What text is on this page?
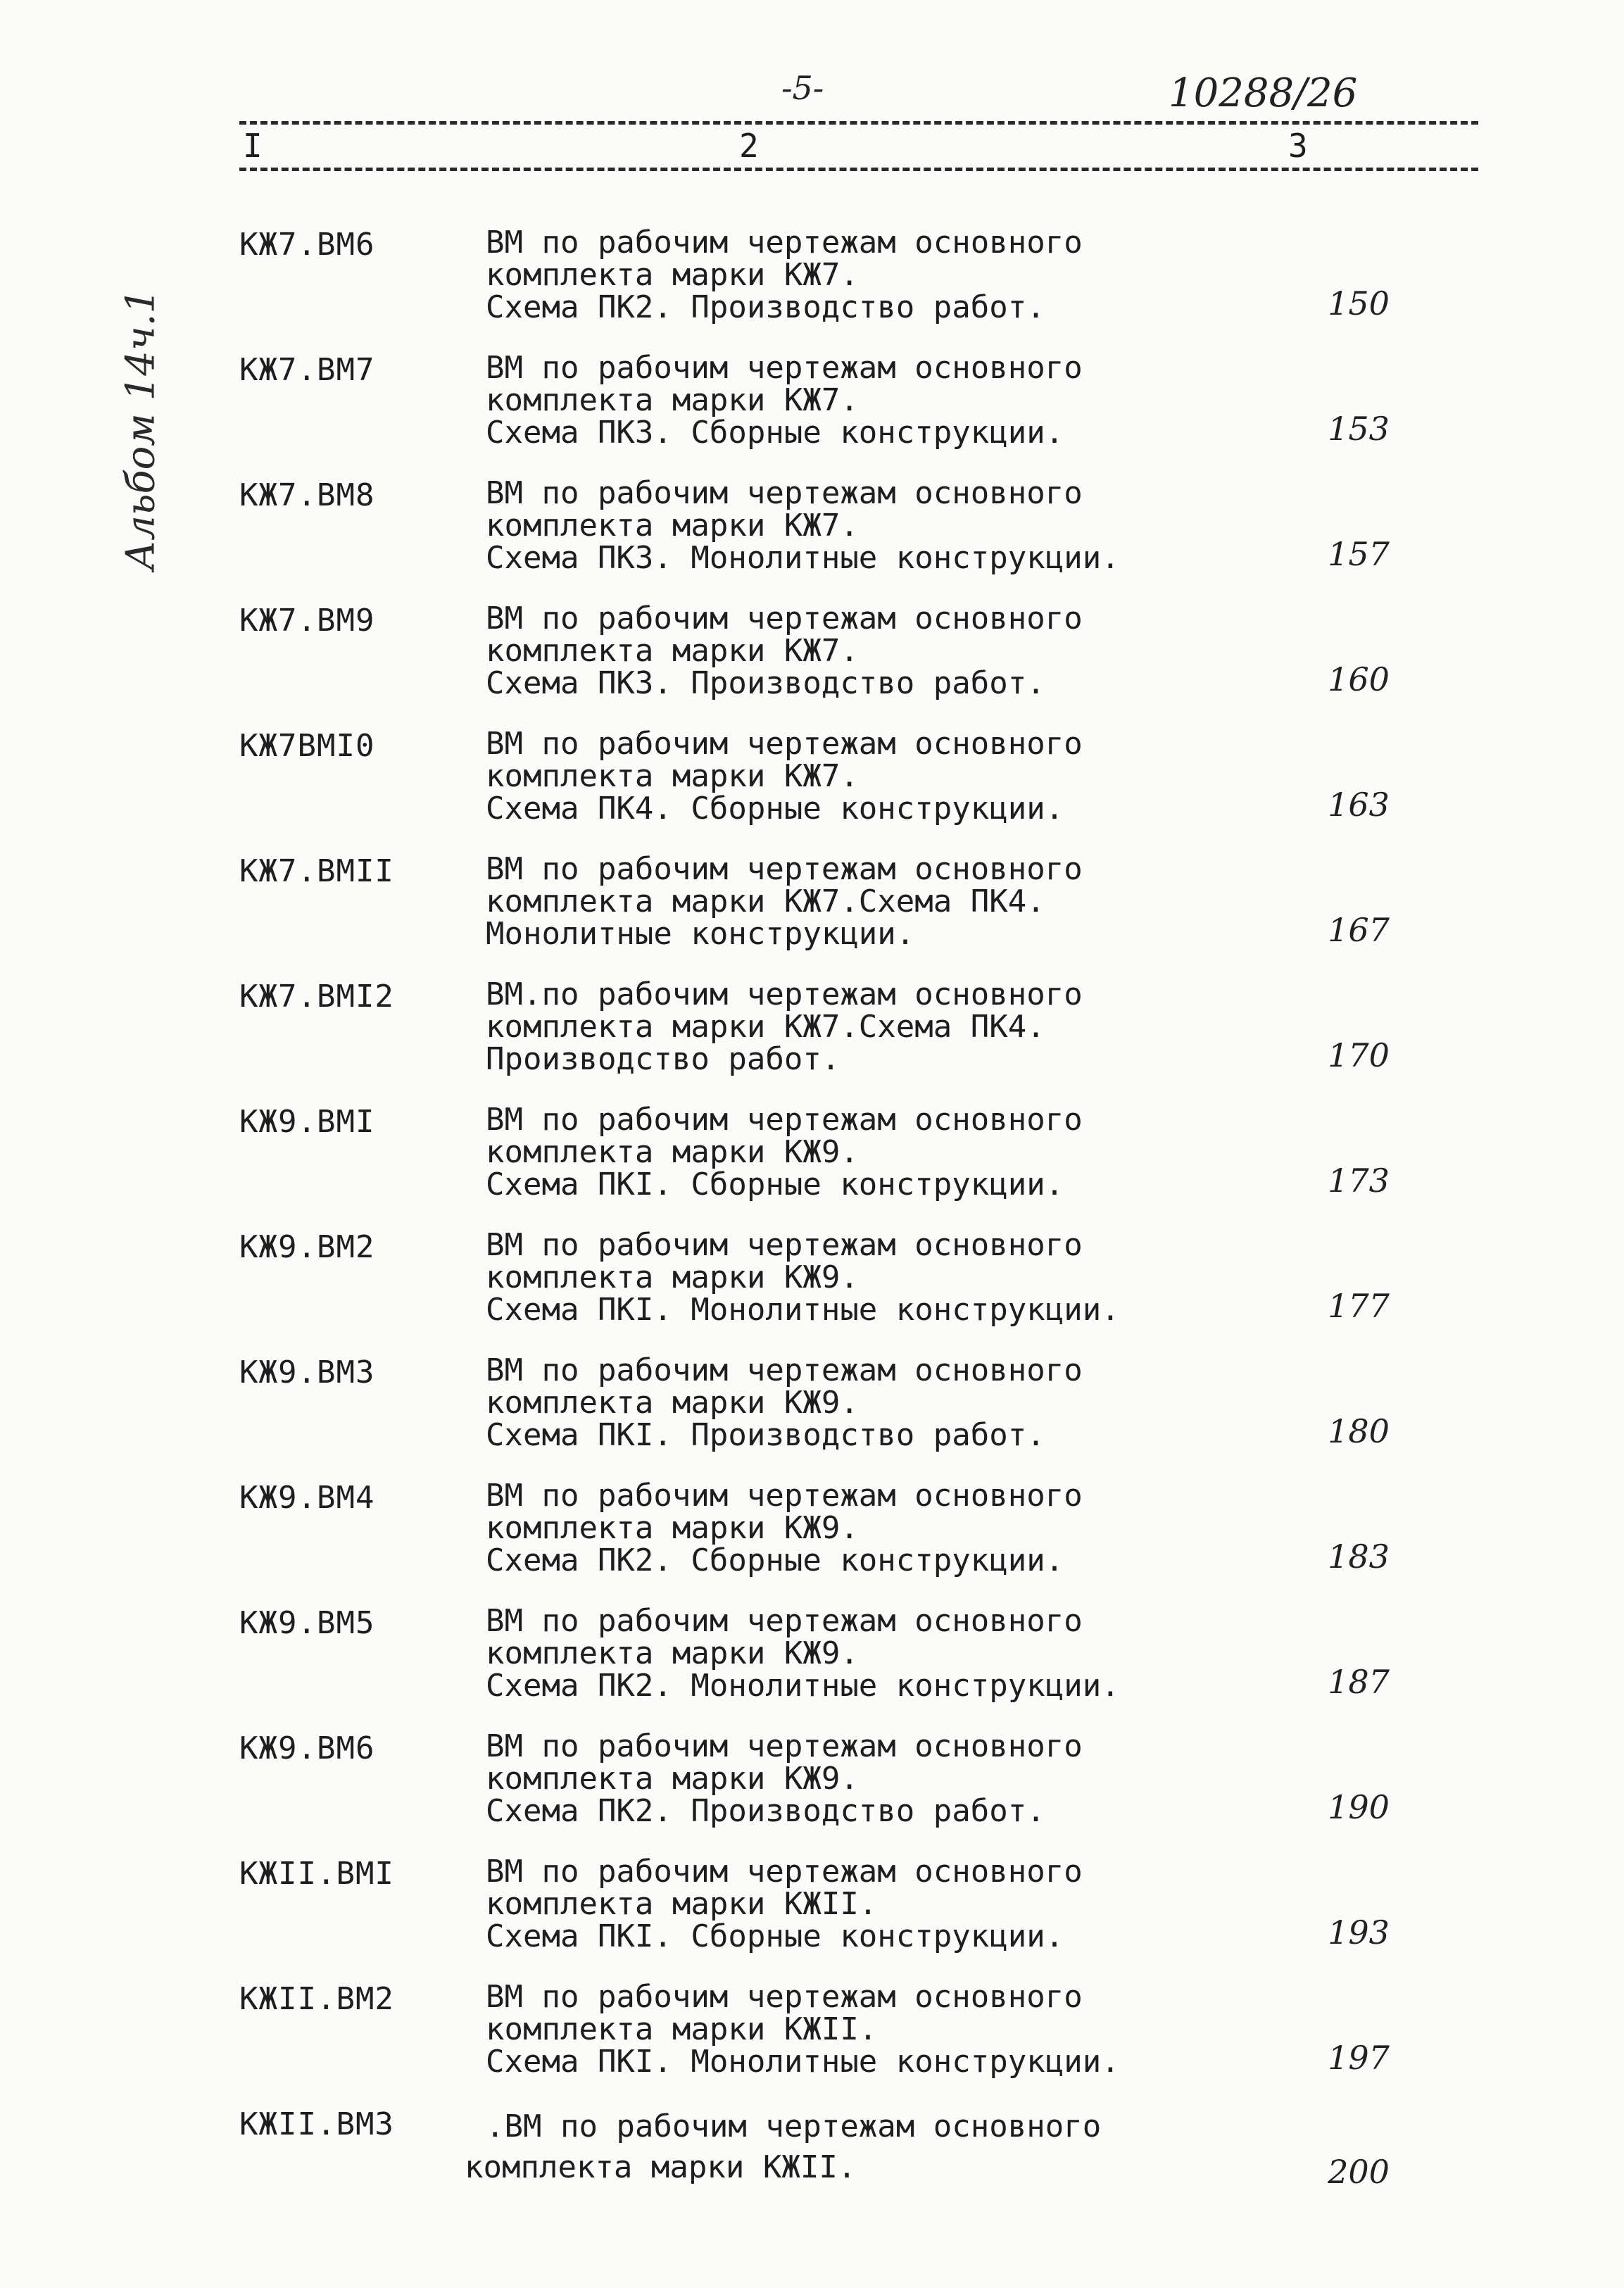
-5-	10288/26
I	2	3
Альбом 14ч.1
КЖ7.ВМ6	ВМ по рабочим чертежам основного
комплекта марки КЖ7.
Схема ПК2. Производство работ.	150
КЖ7.ВМ7	ВМ по рабочим чертежам основного
комплекта марки КЖ7.
Схема ПК3. Сборные конструкции.	153
КЖ7.ВМ8	ВМ по рабочим чертежам основного
комплекта марки КЖ7.
Схема ПК3. Монолитные конструкции.	157
КЖ7.ВМ9	ВМ по рабочим чертежам основного
комплекта марки КЖ7.
Схема ПК3. Производство работ.	160
КЖ7ВМI0	ВМ по рабочим чертежам основного
комплекта марки КЖ7.
Схема ПК4. Сборные конструкции.	163
КЖ7.ВМII	ВМ по рабочим чертежам основного
комплекта марки КЖ7.Схема ПК4.
Монолитные конструкции.	167
КЖ7.ВМI2	ВМ.по рабочим чертежам основного
комплекта марки КЖ7.Схема ПК4.
Производство работ.	170
КЖ9.ВМI	ВМ по рабочим чертежам основного
комплекта марки КЖ9.
Схема ПКI. Сборные конструкции.	173
КЖ9.ВМ2	ВМ по рабочим чертежам основного
комплекта марки КЖ9.
Схема ПКI. Монолитные конструкции.	177
КЖ9.ВМ3	ВМ по рабочим чертежам основного
комплекта марки КЖ9.
Схема ПКI. Производство работ.	180
КЖ9.ВМ4	ВМ по рабочим чертежам основного
комплекта марки КЖ9.
Схема ПК2. Сборные конструкции.	183
КЖ9.ВМ5	ВМ по рабочим чертежам основного
комплекта марки КЖ9.
Схема ПК2. Монолитные конструкции.	187
КЖ9.ВМ6	ВМ по рабочим чертежам основного
комплекта марки КЖ9.
Схема ПК2. Производство работ.	190
КЖII.ВМI	ВМ по рабочим чертежам основного
комплекта марки КЖII.
Схема ПКI. Сборные конструкции.	193
КЖII.ВМ2	ВМ по рабочим чертежам основного
комплекта марки КЖII.
Схема ПКI. Монолитные конструкции.	197
КЖII.ВМ3	.ВМ по рабочим чертежам основного
комплекта марки КЖII.	200
